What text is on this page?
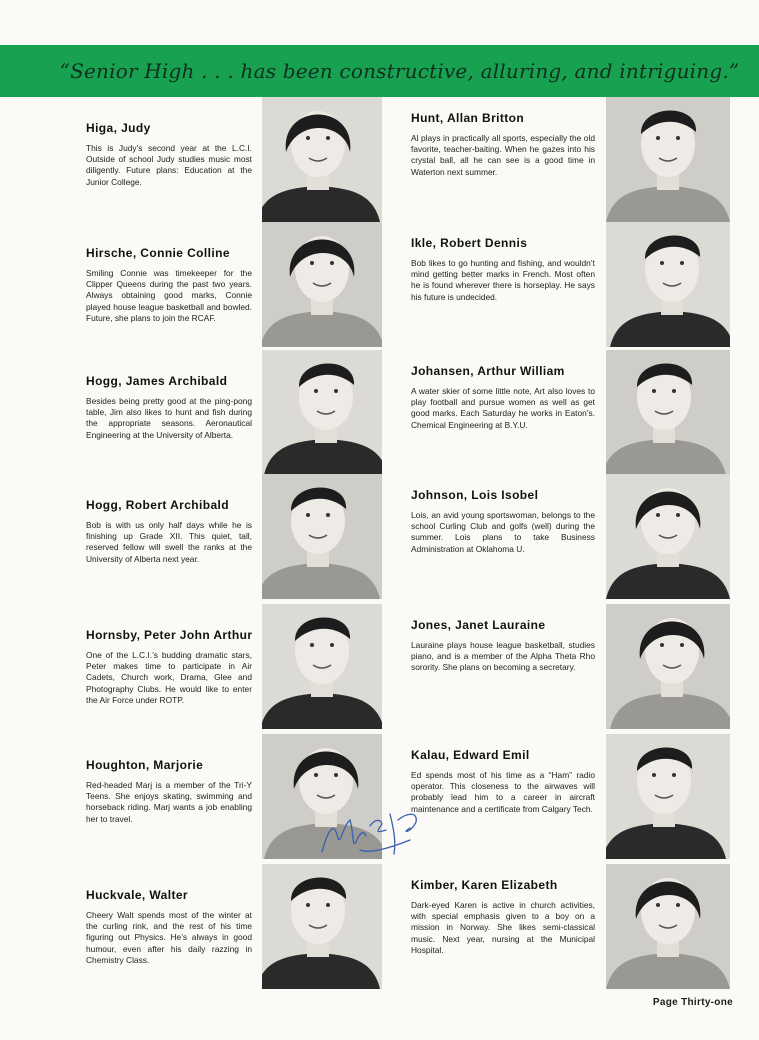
“Senior High . . . has been constructive, alluring, and intriguing.”
Higa, Judy

This is Judy’s second year at the L.C.I. Outside of school Judy studies music most diligently. Future plans: Education at the Junior College.

Hirsche, Connie Colline

Smiling Connie was timekeeper for the Clipper Queens during the past two years. Always obtaining good marks, Connie played house league basketball and bowled. Future, she plans to join the RCAF.

Hogg, James Archibald

Besides being pretty good at the ping-pong table, Jim also likes to hunt and fish during the appropriate seasons. Aeronautical Engineering at the University of Alberta.

Hogg, Robert Archibald

Bob is with us only half days while he is finishing up Grade XII. This quiet, tall, reserved fellow will swell the ranks at the University of Alberta next year.

Hornsby, Peter John Arthur

One of the L.C.I.’s budding dramatic stars, Peter makes time to participate in Air Cadets, Church work, Drama, Glee and Photography Clubs. He would like to enter the Air Force under ROTP.

Houghton, Marjorie

Red-headed Marj is a member of the Tri-Y Teens. She enjoys skating, swimming and horseback riding. Marj wants a job enabling her to travel.

Huckvale, Walter

Cheery Walt spends most of the winter at the curling rink, and the rest of his time figuring out Physics. He’s always in good humour, even after his daily razzing in Chemistry Class.

Hunt, Allan Britton

Al plays in practically all sports, especially the old favorite, teacher-baiting. When he gazes into his crystal ball, all he can see is a good time in Waterton next summer.

Ikle, Robert Dennis

Bob likes to go hunting and fishing, and wouldn’t mind getting better marks in French. Most often he is found wherever there is horseplay. He says his future is undecided.

Johansen, Arthur William

A water skier of some little note, Art also loves to play football and pursue women as well as get good marks. Each Saturday he works in Eaton’s. Chemical Engineering at B.Y.U.

Johnson, Lois Isobel

Lois, an avid young sportswoman, belongs to the school Curling Club and golfs (well) during the summer. Lois plans to take Business Administration at Oklahoma U.

Jones, Janet Lauraine

Lauraine plays house league basketball, studies piano, and is a member of the Alpha Theta Rho sorority. She plans on becoming a secretary.

Kalau, Edward Emil

Ed spends most of his time as a “Ham” radio operator. This closeness to the airwaves will probably lead him to a career in aircraft maintenance and a certificate from Calgary Tech.

Kimber, Karen Elizabeth

Dark-eyed Karen is active in church activities, with special emphasis given to a boy on a mission in Norway. She likes semi-classical music. Next year, nursing at the Municipal Hospital.

Page Thirty-one
